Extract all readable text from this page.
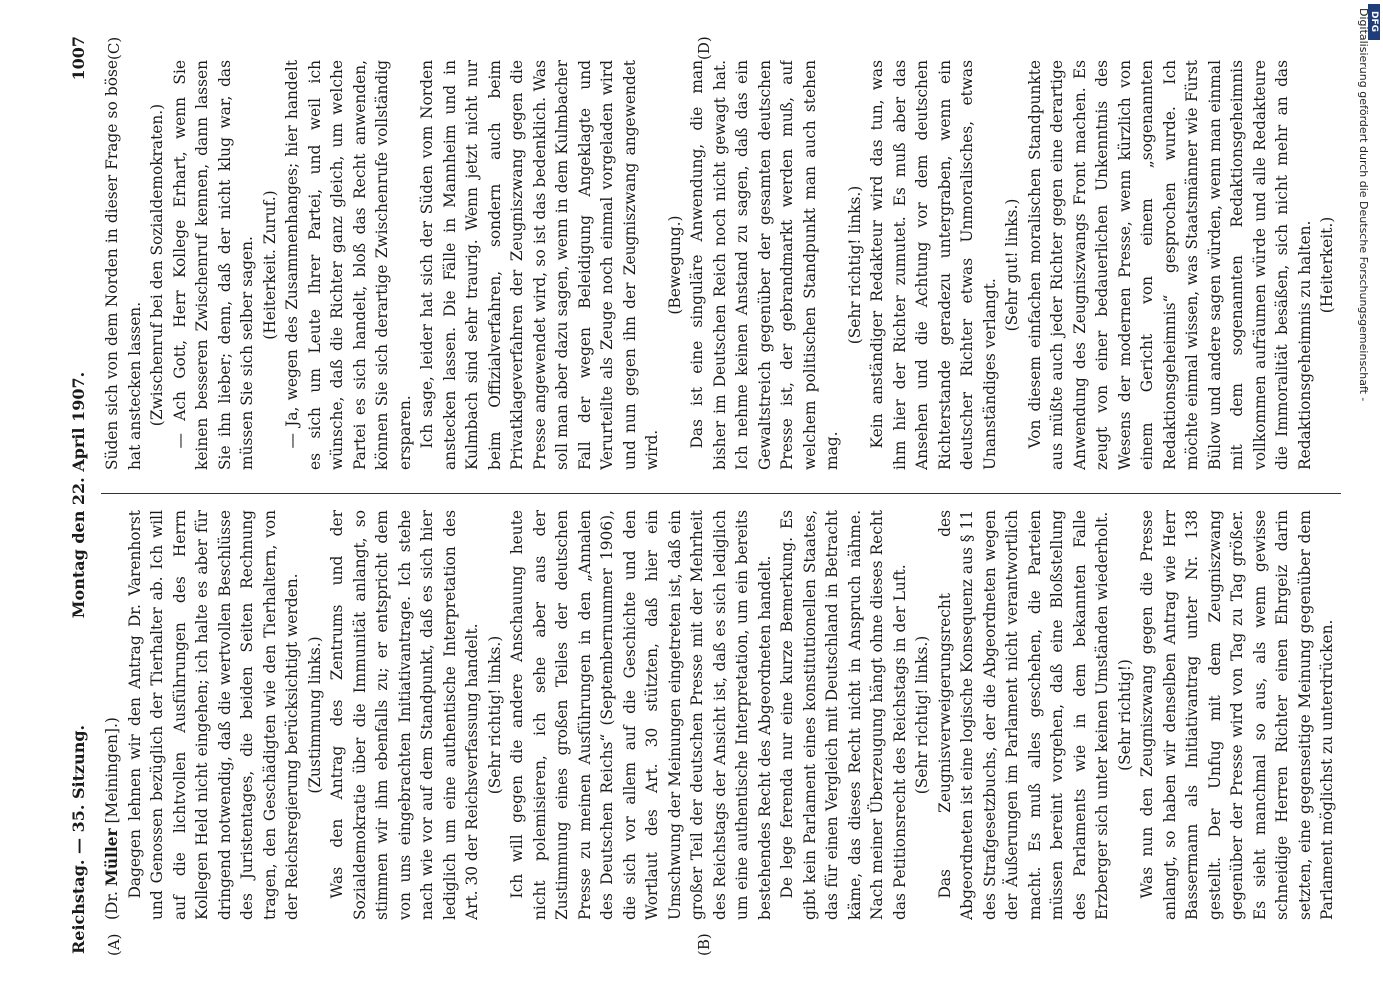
Reichstag. — 35. Sitzung.
Montag den 22. April 1907.
1007
(A)	(B)
(C)	(D)

(Dr. Müller [Meiningen].) Dagegen lehnen wir den Antrag Dr. Varenhorst und Genossen bezüglich der Tierhalter ab. Ich will auf die lichtvollen Ausführungen des Herrn Kollegen Held nicht eingehen; ich halte es aber für dringend notwendig, daß die wertvollen Beschlüsse des Juristentages, die beiden Seiten Rechnung tragen, den Geschädigten wie den Tierhaltern, von der Reichsregierung berücksichtigt werden. (Zustimmung links.) Was den Antrag des Zentrums und der Sozialdemokratie über die Immunität anlangt, so stimmen wir ihm ebenfalls zu; er entspricht dem von uns eingebrachten Initiativantrage. Ich stehe nach wie vor auf dem Standpunkt, daß es sich hier lediglich um eine authentische Interpretation des Art. 30 der Reichsverfassung handelt. (Sehr richtig! links.) Ich will gegen die andere Anschauung heute nicht polemisieren, ich sehe aber aus der Zustimmung eines großen Teiles der deutschen Presse zu meinen Ausführungen in den „Annalen des Deutschen Reichs“ (Septembernummer 1906), die sich vor allem auf die Geschichte und den Wortlaut des Art. 30 stützten, daß hier ein Umschwung der Meinungen eingetreten ist, daß ein großer Teil der deutschen Presse mit der Mehrheit des Reichstags der Ansicht ist, daß es sich lediglich um eine authentische Interpretation, um ein bereits bestehendes Recht des Abgeordneten handelt. De lege ferenda nur eine kurze Bemerkung. Es gibt kein Parlament eines konstitutionellen Staates, das für einen Vergleich mit Deutschland in Betracht käme, das dieses Recht nicht in Anspruch nähme. Nach meiner Überzeugung hängt ohne dieses Recht das Petitionsrecht des Reichstags in der Luft. (Sehr richtig! links.) Das Zeugnisverweigerungsrecht des Abgeordneten ist eine logische Konsequenz aus § 11 des Strafgesetzbuchs, der die Abgeordneten wegen der Äußerungen im Parlament nicht verantwortlich macht. Es muß alles geschehen, die Parteien müssen bereint vorgehen, daß eine Bloßstellung des Parlaments wie in dem bekannten Falle Erzberger sich unter keinen Umständen wiederholt. (Sehr richtig!) Was nun den Zeugniszwang gegen die Presse anlangt, so haben wir denselben Antrag wie Herr Bassermann als Initiativantrag unter Nr. 138 gestellt. Der Unfug mit dem Zeugniszwang gegenüber der Presse wird von Tag zu Tag größer. Es sieht manchmal so aus, als wenn gewisse schneidige Herren Richter einen Ehrgeiz darin setzten, eine gegenseitige Meinung gegenüber dem Parlament möglichst zu unterdrücken.

Süden sich von dem Norden in dieser Frage so böse hat anstecken lassen. (Zwischenruf bei den Sozialdemokraten.) — Ach Gott, Herr Kollege Erhart, wenn Sie keinen besseren Zwischenruf kennen, dann lassen Sie ihn lieber; denn, daß der nicht klug war, das müssen Sie sich selber sagen. (Heiterkeit. Zuruf.) — Ja, wegen des Zusammenhanges; hier handelt es sich um Leute Ihrer Partei, und weil ich wünsche, daß die Richter ganz gleich, um welche Partei es sich handelt, bloß das Recht anwenden, können Sie sich derartige Zwischenrufe vollständig ersparen. Ich sage, leider hat sich der Süden vom Norden anstecken lassen. Die Fälle in Mannheim und in Kulmbach sind sehr traurig. Wenn jetzt nicht nur beim Offizialverfahren, sondern auch beim Privatklageverfahren der Zeugniszwang gegen die Presse angewendet wird, so ist das bedenklich. Was soll man aber dazu sagen, wenn in dem Kulmbacher Fall der wegen Beleidigung Angeklagte und Verurteilte als Zeuge noch einmal vorgeladen wird und nun gegen ihn der Zeugniszwang angewendet wird.

(Bewegung.) Das ist eine singuläre Anwendung, die man bisher im Deutschen Reich noch nicht gewagt hat. Ich nehme keinen Anstand zu sagen, daß das ein Gewaltstreich gegenüber der gesamten deutschen Presse ist, der gebrandmarkt werden muß, auf welchem politischen Standpunkt man auch stehen mag.

(Sehr richtig! links.) Kein anständiger Redakteur wird das tun, was ihm hier der Richter zumutet. Es muß aber das Ansehen und die Achtung vor dem deutschen Richterstande geradezu untergraben, wenn ein deutscher Richter etwas Unmoralisches, etwas Unanständiges verlangt.

(Sehr gut! links.) Von diesem einfachen moralischen Standpunkte aus müßte auch jeder Richter gegen eine derartige Anwendung des Zeugniszwangs Front machen. Es zeugt von einer bedauerlichen Unkenntnis des Wesens der modernen Presse, wenn kürzlich von einem Gericht von einem „sogenannten Redaktionsgeheimnis“ gesprochen wurde. Ich möchte einmal wissen, was Staatsmänner wie Fürst Bülow und andere sagen würden, wenn man einmal mit dem sogenannten Redaktionsgeheimnis vollkommen aufräumen würde und alle Redakteure die Immoralität besäßen, sich nicht mehr an das Redaktionsgeheimnis zu halten. (Heiterkeit.)

DFG
Digitalisierung gefördert durch die Deutsche Forschungsgemeinschaft -
